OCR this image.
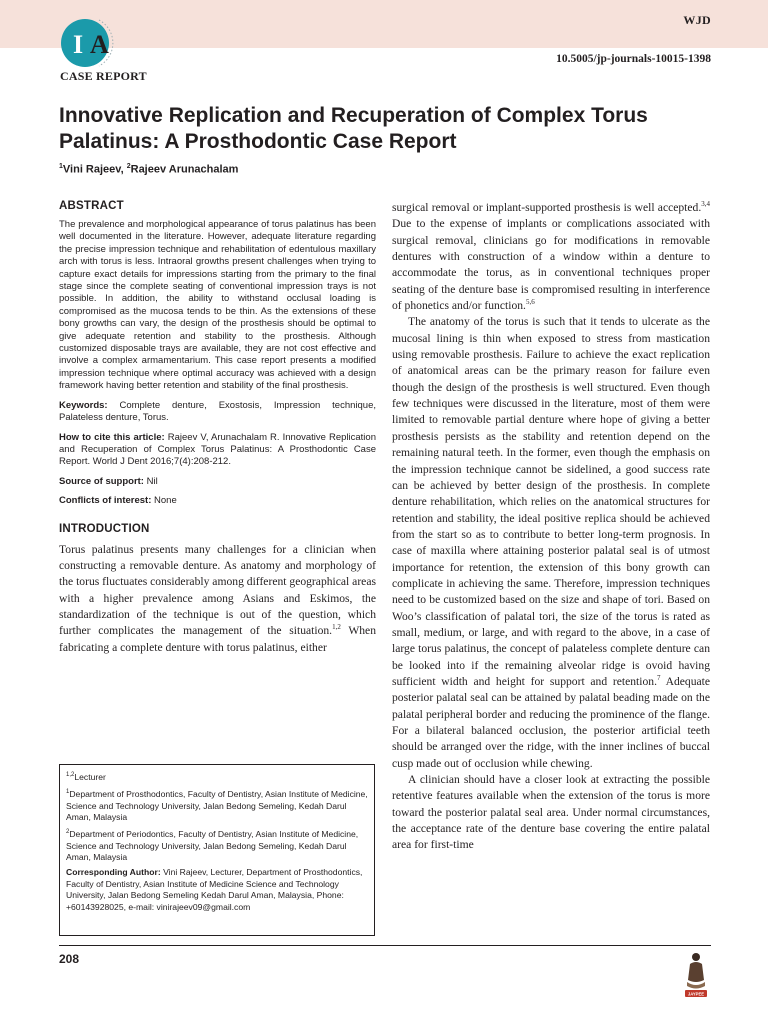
I A
WJD
10.5005/jp-journals-10015-1398
CASE REPORT
Innovative Replication and Recuperation of Complex Torus Palatinus: A Prosthodontic Case Report
$^1$Vini Rajeev, $^2$Rajeev Arunachalam
ABSTRACT

The prevalence and morphological appearance of torus palatinus has been well documented in the literature. However, adequate literature regarding the precise impression technique and rehabilitation of edentulous maxillary arch with torus is less. Intraoral growths present challenges when trying to capture exact details for impressions starting from the primary to the final stage since the complete seating of conventional impression trays is not possible. In addition, the ability to withstand occlusal loading is compromised as the mucosa tends to be thin. As the extensions of these bony growths can vary, the design of the prosthesis should be optimal to give adequate retention and stability to the prosthesis. Although customized disposable trays are available, they are not cost effective and involve a complex armamentarium. This case report presents a modified impression technique where optimal accuracy was achieved with a design framework having better retention and stability of the final prosthesis.

Keywords: Complete denture, Exostosis, Impression technique, Palateless denture, Torus.

How to cite this article: Rajeev V, Arunachalam R. Innovative Replication and Recuperation of Complex Torus Palatinus: A Prosthodontic Case Report. World J Dent 2016;7(4):208-212.

Source of support: Nil

Conflicts of interest: None

INTRODUCTION

Torus palatinus presents many challenges for a clinician when constructing a removable denture. As anatomy and morphology of the torus fluctuates considerably among different geographical areas with a higher prevalence among Asians and Eskimos, the standardization of the technique is out of the question, which further complicates the management of the situation.$^{1,2}$ When fabricating a complete denture with torus palatinus, either

$^{1,2}$Lecturer

$^1$Department of Prosthodontics, Faculty of Dentistry, Asian Institute of Medicine, Science and Technology University, Jalan Bedong Semeling, Kedah Darul Aman, Malaysia

$^2$Department of Periodontics, Faculty of Dentistry, Asian Institute of Medicine, Science and Technology University, Jalan Bedong Semeling, Kedah Darul Aman, Malaysia

Corresponding Author: Vini Rajeev, Lecturer, Department of Prosthodontics, Faculty of Dentistry, Asian Institute of Medicine Science and Technology University, Jalan Bedong Semeling Kedah Darul Aman, Malaysia, Phone: +60143928025, e-mail: vinirajeev09@gmail.com

surgical removal or implant-supported prosthesis is well accepted.$^{3,4}$ Due to the expense of implants or complications associated with surgical removal, clinicians go for modifications in removable dentures with construction of a window within a denture to accommodate the torus, as in conventional techniques proper seating of the denture base is compromised resulting in interference of phonetics and/or function.$^{5,6}$

The anatomy of the torus is such that it tends to ulcerate as the mucosal lining is thin when exposed to stress from mastication using removable prosthesis. Failure to achieve the exact replication of anatomical areas can be the primary reason for failure even though the design of the prosthesis is well structured. Even though few techniques were discussed in the literature, most of them were limited to removable partial denture where hope of giving a better prosthesis persists as the stability and retention depend on the remaining natural teeth. In the former, even though the emphasis on the impression technique cannot be sidelined, a good success rate can be achieved by better design of the prosthesis. In complete denture rehabilitation, which relies on the anatomical structures for retention and stability, the ideal positive replica should be achieved from the start so as to contribute to better long-term prognosis. In case of maxilla where attaining posterior palatal seal is of utmost importance for retention, the extension of this bony growth can complicate in achieving the same. Therefore, impression techniques need to be customized based on the size and shape of tori. Based on Woo’s classification of palatal tori, the size of the torus is rated as small, medium, or large, and with regard to the above, in a case of large torus palatinus, the concept of palateless complete denture can be looked into if the remaining alveolar ridge is ovoid having sufficient width and height for support and retention.$^7$ Adequate posterior palatal seal can be attained by palatal beading made on the palatal peripheral border and reducing the prominence of the flange. For a bilateral balanced occlusion, the posterior artificial teeth should be arranged over the ridge, with the inner inclines of buccal cusp made out of occlusion while chewing.

A clinician should have a closer look at extracting the possible retentive features available when the extension of the torus is more toward the posterior palatal seal area. Under normal circumstances, the acceptance rate of the denture base covering the entire palatal area for first-time

208
JAYPEE
